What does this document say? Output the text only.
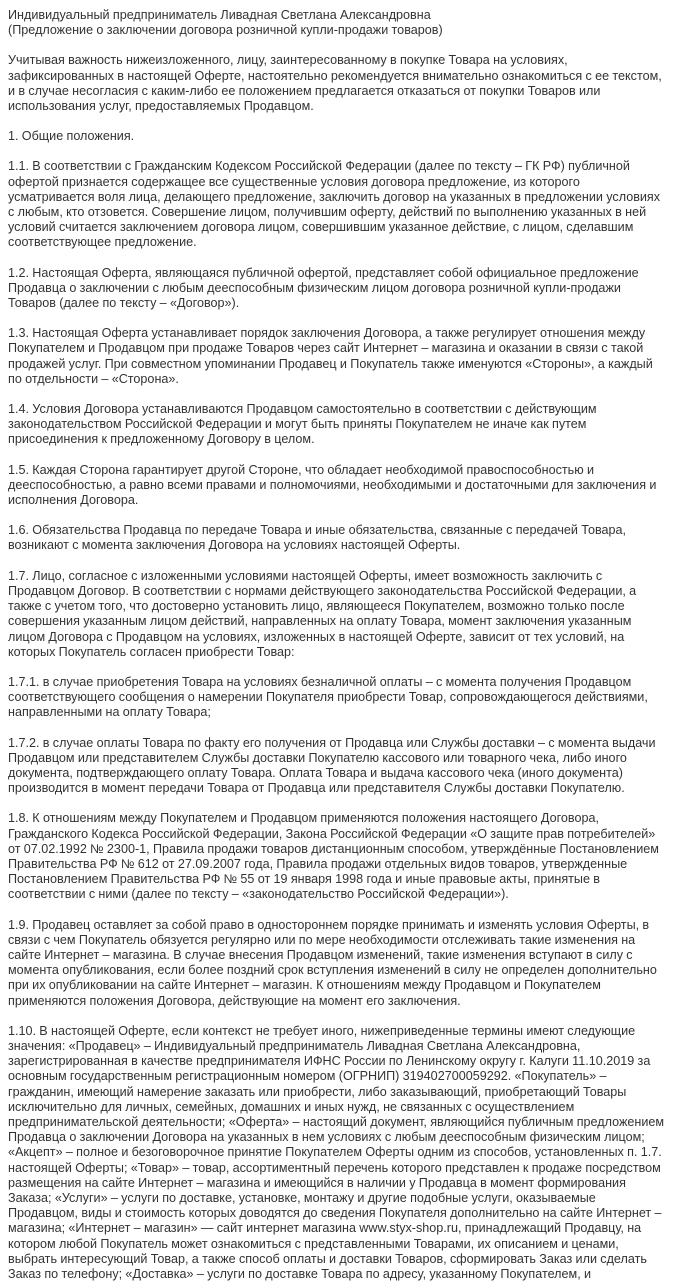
Индивидуальный предприниматель Ливадная Светлана Александровна
(Предложение о заключении договора розничной купли-продажи товаров)

Учитывая важность нижеизложенного, лицу, заинтересованному в покупке Товара на условиях, зафиксированных в настоящей Оферте, настоятельно рекомендуется внимательно ознакомиться с ее текстом, и в случае несогласия с каким-либо ее положением предлагается отказаться от покупки Товаров или использования услуг, предоставляемых Продавцом.

1. Общие положения.

1.1. В соответствии с Гражданским Кодексом Российской Федерации (далее по тексту – ГК РФ) публичной офертой признается содержащее все существенные условия договора предложение, из которого усматривается воля лица, делающего предложение, заключить договор на указанных в предложении условиях с любым, кто отзовется. Совершение лицом, получившим оферту, действий по выполнению указанных в ней условий считается заключением договора лицом, совершившим указанное действие, с лицом, сделавшим соответствующее предложение.

1.2. Настоящая Оферта, являющаяся публичной офертой, представляет собой официальное предложение Продавца о заключении с любым дееспособным физическим лицом договора розничной купли-продажи Товаров (далее по тексту – «Договор»).

1.3. Настоящая Оферта устанавливает порядок заключения Договора, а также регулирует отношения между Покупателем и Продавцом при продаже Товаров через сайт Интернет – магазина и оказании в связи с такой продажей услуг. При совместном упоминании Продавец и Покупатель также именуются «Стороны», а каждый по отдельности – «Сторона».

1.4. Условия Договора устанавливаются Продавцом самостоятельно в соответствии с действующим законодательством Российской Федерации и могут быть приняты Покупателем не иначе как путем присоединения к предложенному Договору в целом.

1.5. Каждая Сторона гарантирует другой Стороне, что обладает необходимой правоспособностью и дееспособностью, а равно всеми правами и полномочиями, необходимыми и достаточными для заключения и исполнения Договора.

1.6. Обязательства Продавца по передаче Товара и иные обязательства, связанные с передачей Товара, возникают с момента заключения Договора на условиях настоящей Оферты.

1.7. Лицо, согласное с изложенными условиями настоящей Оферты, имеет возможность заключить с Продавцом Договор. В соответствии с нормами действующего законодательства Российской Федерации, а также с учетом того, что достоверно установить лицо, являющееся Покупателем, возможно только после совершения указанным лицом действий, направленных на оплату Товара, момент заключения указанным лицом Договора с Продавцом на условиях, изложенных в настоящей Оферте, зависит от тех условий, на которых Покупатель согласен приобрести Товар:

1.7.1. в случае приобретения Товара на условиях безналичной оплаты – с момента получения Продавцом соответствующего сообщения о намерении Покупателя приобрести Товар, сопровождающегося действиями, направленными на оплату Товара;

1.7.2. в случае оплаты Товара по факту его получения от Продавца или Службы доставки – с момента выдачи Продавцом или представителем Службы доставки Покупателю кассового или товарного чека, либо иного документа, подтверждающего оплату Товара. Оплата Товара и выдача кассового чека (иного документа) производится в момент передачи Товара от Продавца или представителя Службы доставки Покупателю.

1.8. К отношениям между Покупателем и Продавцом применяются положения настоящего Договора, Гражданского Кодекса Российской Федерации, Закона Российской Федерации «О защите прав потребителей» от 07.02.1992 № 2300-1, Правила продажи товаров дистанционным способом, утверждённые Постановлением Правительства РФ № 612 от 27.09.2007 года, Правила продажи отдельных видов товаров, утвержденные Постановлением Правительства РФ № 55 от 19 января 1998 года и иные правовые акты, принятые в соответствии с ними (далее по тексту – «законодательство Российской Федерации»).

1.9. Продавец оставляет за собой право в одностороннем порядке принимать и изменять условия Оферты, в связи с чем Покупатель обязуется регулярно или по мере необходимости отслеживать такие изменения на сайте Интернет – магазина. В случае внесения Продавцом изменений, такие изменения вступают в силу с момента опубликования, если более поздний срок вступления изменений в силу не определен дополнительно при их опубликовании на сайте Интернет – магазин. К отношениям между Продавцом и Покупателем применяются положения Договора, действующие на момент его заключения.

1.10. В настоящей Оферте, если контекст не требует иного, нижеприведенные термины имеют следующие значения: «Продавец» – Индивидуальный предприниматель Ливадная Светлана Александровна, зарегистрированная в качестве предпринимателя ИФНС России по Ленинскому округу г. Калуги 11.10.2019 за основным государственным регистрационным номером (ОГРНИП) 319402700059292. «Покупатель» – гражданин, имеющий намерение заказать или приобрести, либо заказывающий, приобретающий Товары исключительно для личных, семейных, домашних и иных нужд, не связанных с осуществлением предпринимательской деятельности; «Оферта» – настоящий документ, являющийся публичным предложением Продавца о заключении Договора на указанных в нем условиях с любым дееспособным физическим лицом; «Акцепт» – полное и безоговорочное принятие Покупателем Оферты одним из способов, установленных п. 1.7. настоящей Оферты; «Товар» – товар, ассортиментный перечень которого представлен к продаже посредством размещения на сайте Интернет – магазина и имеющийся в наличии у Продавца в момент формирования Заказа; «Услуги» – услуги по доставке, установке, монтажу и другие подобные услуги, оказываемые Продавцом, виды и стоимость которых доводятся до сведения Покупателя дополнительно на сайте Интернет – магазина; «Интернет – магазин» — сайт интернет магазина www.styx-shop.ru, принадлежащий Продавцу, на котором любой Покупатель может ознакомиться с представленными Товарами, их описанием и ценами, выбрать интересующий Товар, а также способ оплаты и доставки Товаров, сформировать Заказ или сделать Заказ по телефону; «Доставка» – услуги по доставке Товара по адресу, указанному Покупателем, и
